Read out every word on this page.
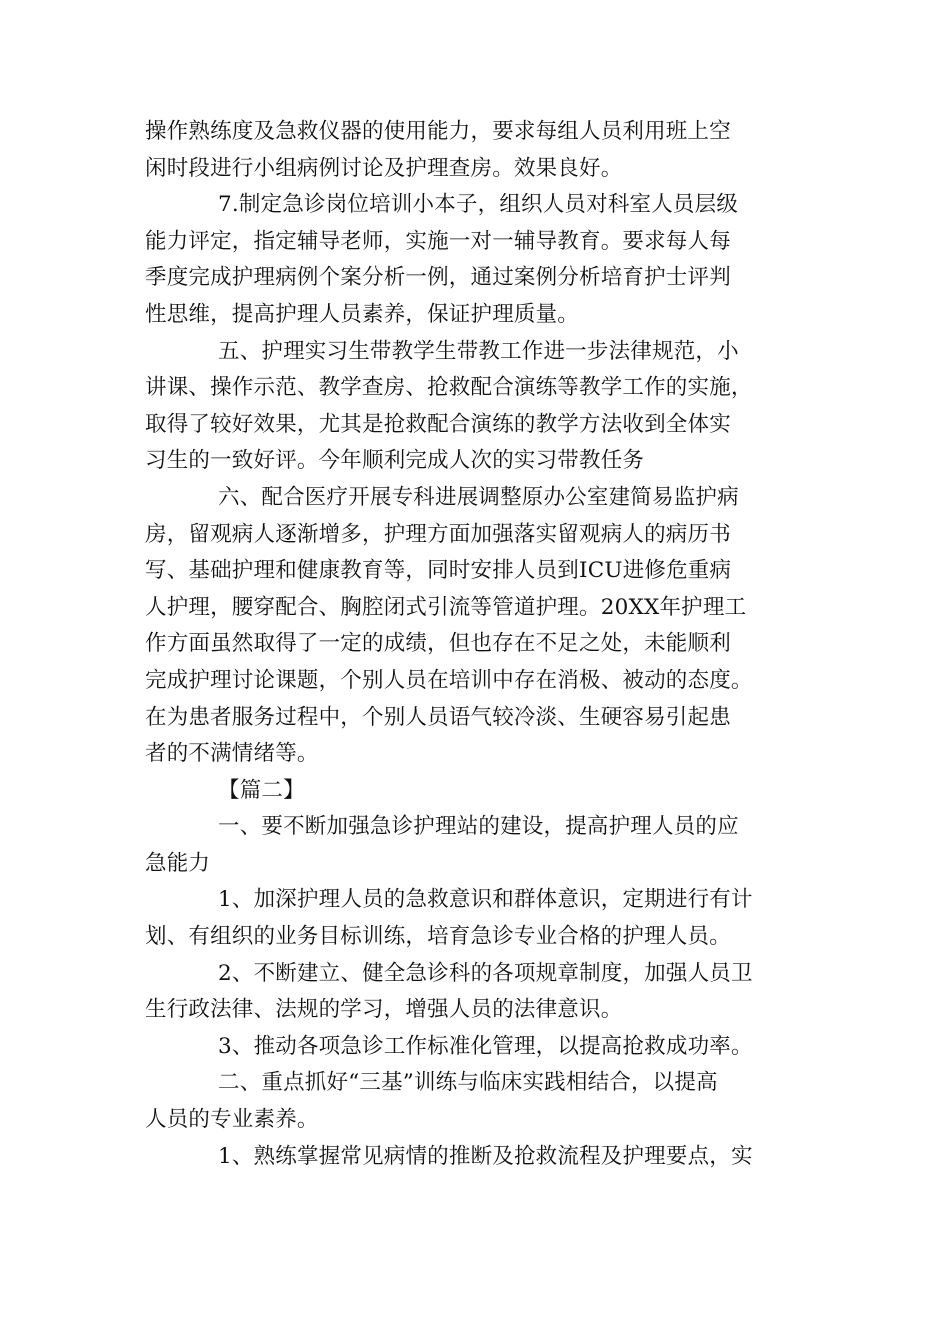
操作熟练度及急救仪器的使用能力，要求每组人员利用班上空
闲时段进行小组病例讨论及护理查房。效果良好。
7.制定急诊岗位培训小本子，组织人员对科室人员层级
能力评定，指定辅导老师，实施一对一辅导教育。要求每人每
季度完成护理病例个案分析一例，通过案例分析培育护士评判
性思维，提高护理人员素养，保证护理质量。
五、护理实习生带教学生带教工作进一步法律规范，小
讲课、操作示范、教学查房、抢救配合演练等教学工作的实施，
取得了较好效果，尤其是抢救配合演练的教学方法收到全体实
习生的一致好评。今年顺利完成人次的实习带教任务
六、配合医疗开展专科进展调整原办公室建简易监护病
房，留观病人逐渐增多，护理方面加强落实留观病人的病历书
写、基础护理和健康教育等，同时安排人员到ICU进修危重病
人护理，腰穿配合、胸腔闭式引流等管道护理。20XX年护理工
作方面虽然取得了一定的成绩，但也存在不足之处，未能顺利
完成护理讨论课题，个别人员在培训中存在消极、被动的态度。
在为患者服务过程中，个别人员语气较冷淡、生硬容易引起患
者的不满情绪等。
【篇二】
一、要不断加强急诊护理站的建设，提高护理人员的应
急能力
1、加深护理人员的急救意识和群体意识，定期进行有计
划、有组织的业务目标训练，培育急诊专业合格的护理人员。
2、不断建立、健全急诊科的各项规章制度，加强人员卫
生行政法律、法规的学习，增强人员的法律意识。
3、推动各项急诊工作标准化管理，以提高抢救成功率。
二、重点抓好“三基”训练与临床实践相结合，以提高
人员的专业素养。
1、熟练掌握常见病情的推断及抢救流程及护理要点，实
